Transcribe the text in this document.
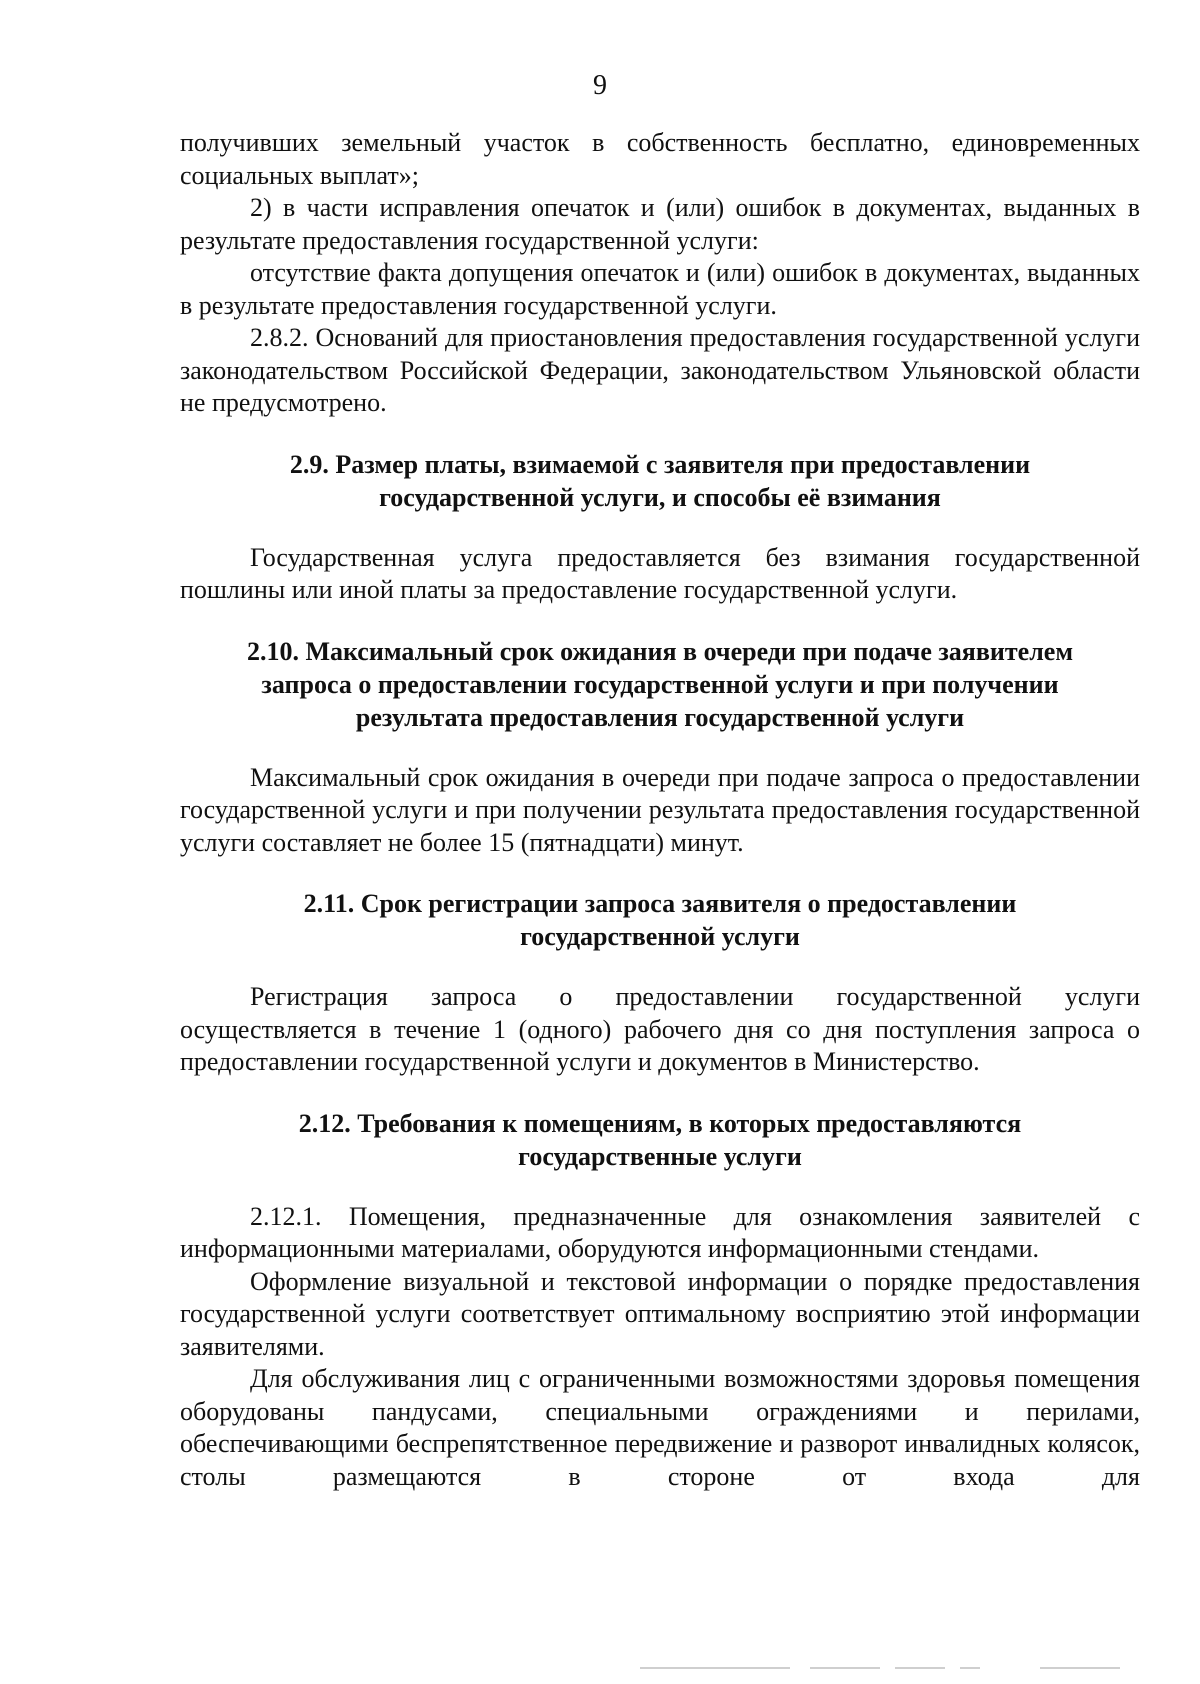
9

получивших земельный участок в собственность бесплатно, единовременных социальных выплат»;

2) в части исправления опечаток и (или) ошибок в документах, выданных в результате предоставления государственной услуги:

отсутствие факта допущения опечаток и (или) ошибок в документах, выданных в результате предоставления государственной услуги.

2.8.2. Оснований для приостановления предоставления государственной услуги законодательством Российской Федерации, законодательством Ульяновской области не предусмотрено.

2.9. Размер платы, взимаемой с заявителя при предоставлении
государственной услуги, и способы её взимания

Государственная услуга предоставляется без взимания государственной пошлины или иной платы за предоставление государственной услуги.

2.10. Максимальный срок ожидания в очереди при подаче заявителем
запроса о предоставлении государственной услуги и при получении
результата предоставления государственной услуги

Максимальный срок ожидания в очереди при подаче запроса о предоставлении государственной услуги и при получении результата предоставления государственной услуги составляет не более 15 (пятнадцати) минут.

2.11. Срок регистрации запроса заявителя о предоставлении
государственной услуги

Регистрация запроса о предоставлении государственной услуги осуществляется в течение 1 (одного) рабочего дня со дня поступления запроса о предоставлении государственной услуги и документов в Министерство.

2.12. Требования к помещениям, в которых предоставляются
государственные услуги

2.12.1. Помещения, предназначенные для ознакомления заявителей с информационными материалами, оборудуются информационными стендами.

Оформление визуальной и текстовой информации о порядке предоставления государственной услуги соответствует оптимальному восприятию этой информации заявителями.

Для обслуживания лиц с ограниченными возможностями здоровья помещения оборудованы пандусами, специальными ограждениями и перилами, обеспечивающими беспрепятственное передвижение и разворот инвалидных колясок, столы размещаются в стороне от входа для
